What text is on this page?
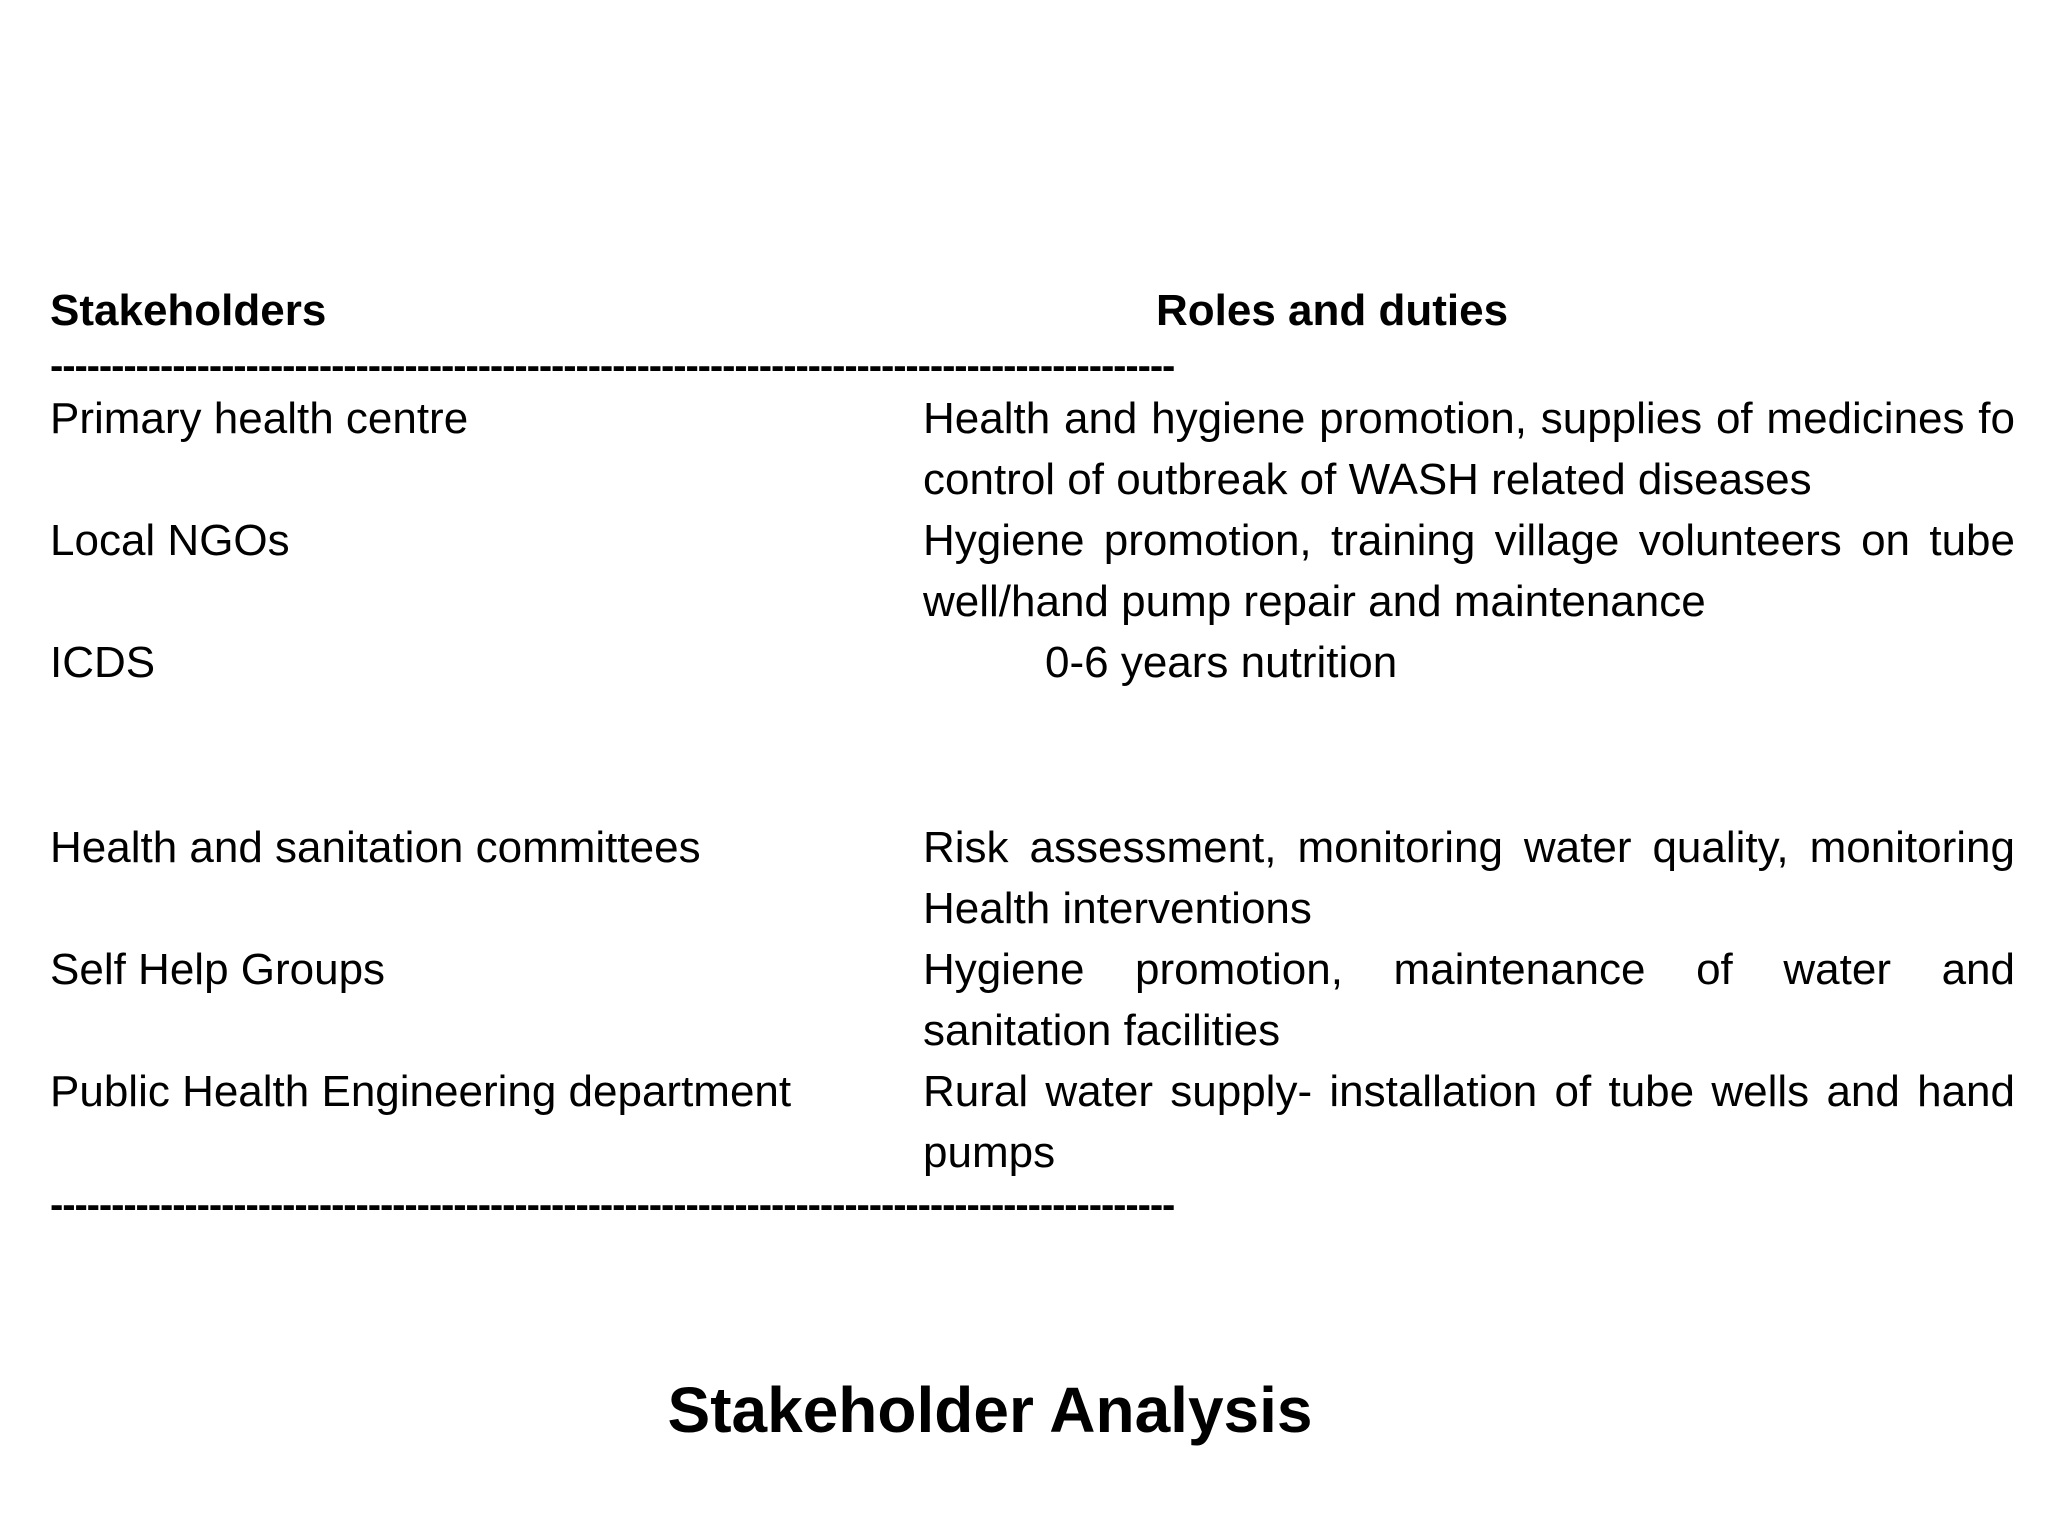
Stakeholders	Roles and duties
--------------------------------------------------------------------------------------------
Primary health centre	Health and hygiene promotion, supplies of medicines fo control of outbreak of WASH related diseases
Local NGOs	Hygiene promotion, training village volunteers on tube well/hand pump repair and maintenance
ICDS	0-6 years nutrition
Health and sanitation committees	Risk assessment, monitoring water quality, monitoring Health interventions
Self Help Groups	Hygiene promotion, maintenance of water and sanitation facilities
Public Health Engineering department	Rural water supply- installation of tube wells and hand pumps
--------------------------------------------------------------------------------------------
Stakeholder Analysis
